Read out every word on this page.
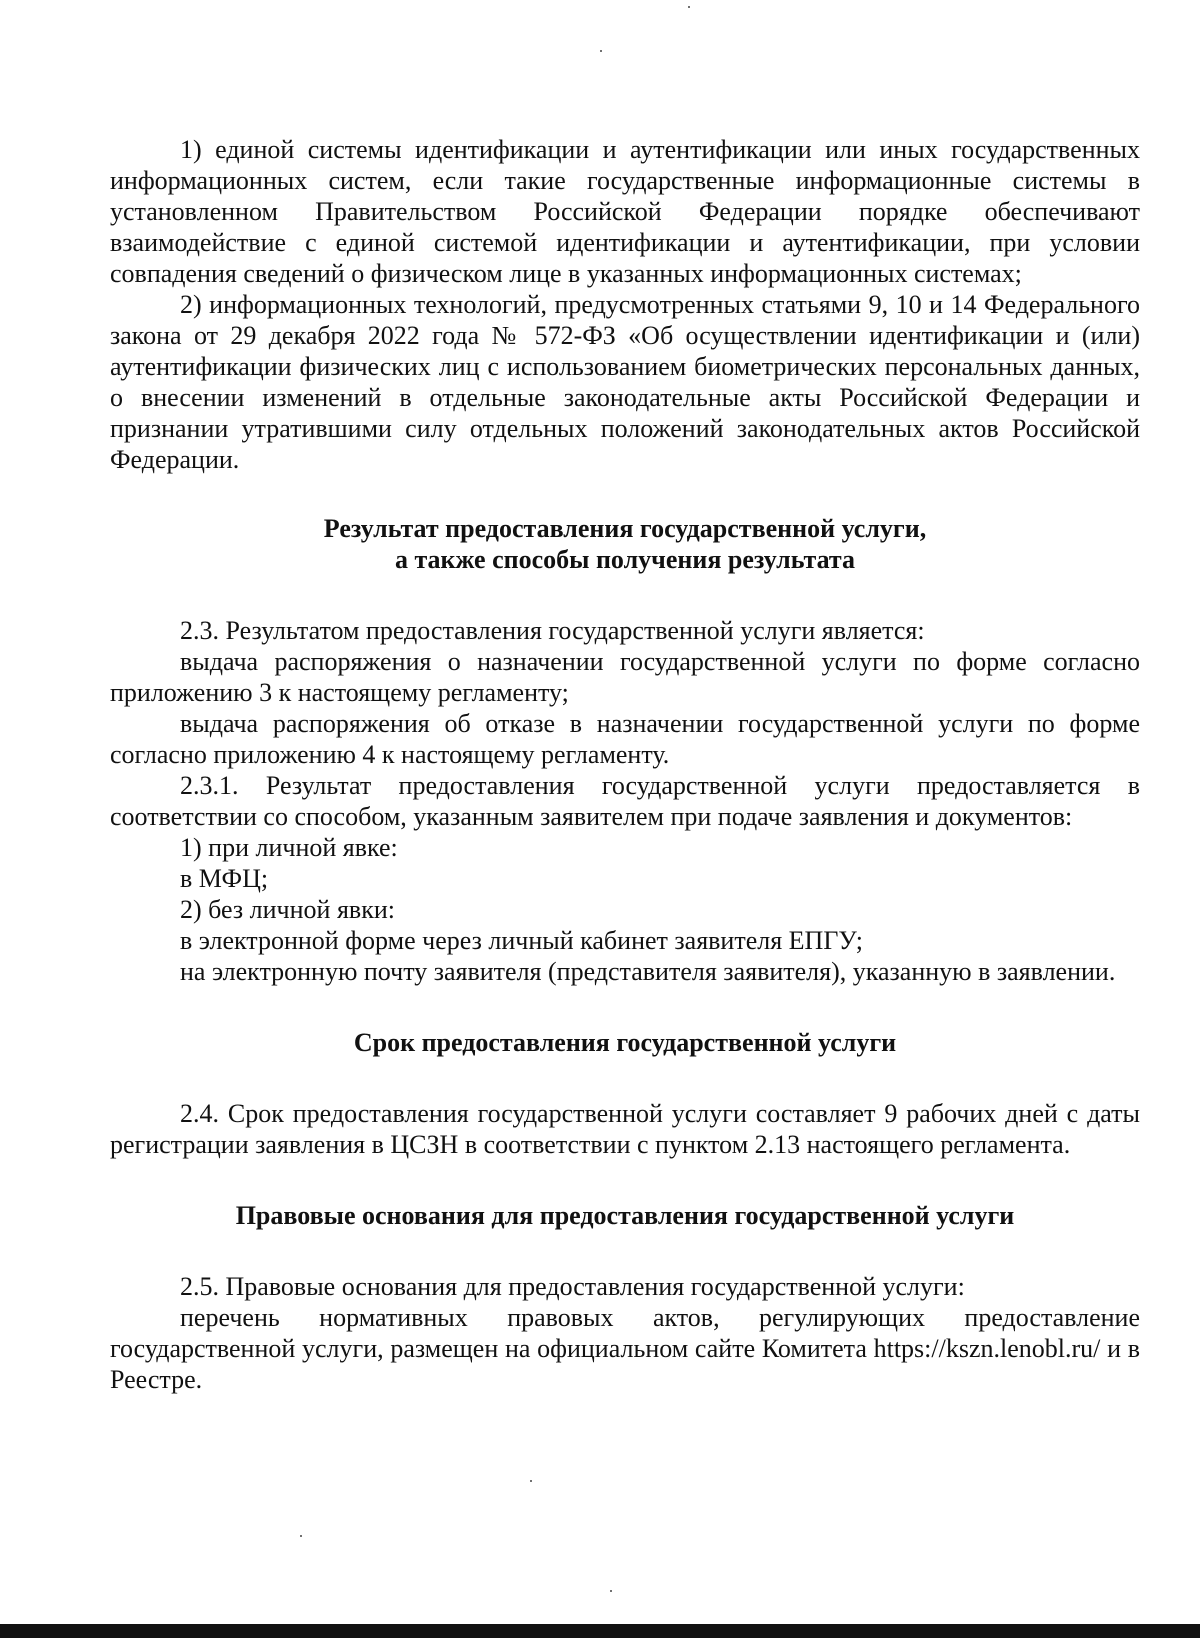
1) единой системы идентификации и аутентификации или иных государственных информационных систем, если такие государственные информационные системы в установленном Правительством Российской Федерации порядке обеспечивают взаимодействие с единой системой идентификации и аутентификации, при условии совпадения сведений о физическом лице в указанных информационных системах;

2) информационных технологий, предусмотренных статьями 9, 10 и 14 Федерального закона от 29 декабря 2022 года № 572-ФЗ «Об осуществлении идентификации и (или) аутентификации физических лиц с использованием биометрических персональных данных, о внесении изменений в отдельные законодательные акты Российской Федерации и признании утратившими силу отдельных положений законодательных актов Российской Федерации.

Результат предоставления государственной услуги,

а также способы получения результата

2.3. Результатом предоставления государственной услуги является:

выдача распоряжения о назначении государственной услуги по форме согласно приложению 3 к настоящему регламенту;

выдача распоряжения об отказе в назначении государственной услуги по форме согласно приложению 4 к настоящему регламенту.

2.3.1. Результат предоставления государственной услуги предоставляется в соответствии со способом, указанным заявителем при подаче заявления и документов:

1) при личной явке:

в МФЦ;

2) без личной явки:

в электронной форме через личный кабинет заявителя ЕПГУ;

на электронную почту заявителя (представителя заявителя), указанную в заявлении.

Срок предоставления государственной услуги

2.4. Срок предоставления государственной услуги составляет 9 рабочих дней с даты регистрации заявления в ЦСЗН в соответствии с пунктом 2.13 настоящего регламента.

Правовые основания для предоставления государственной услуги

2.5. Правовые основания для предоставления государственной услуги:

перечень нормативных правовых актов, регулирующих предоставление государственной услуги, размещен на официальном сайте Комитета https://kszn.lenobl.ru/ и в Реестре.
